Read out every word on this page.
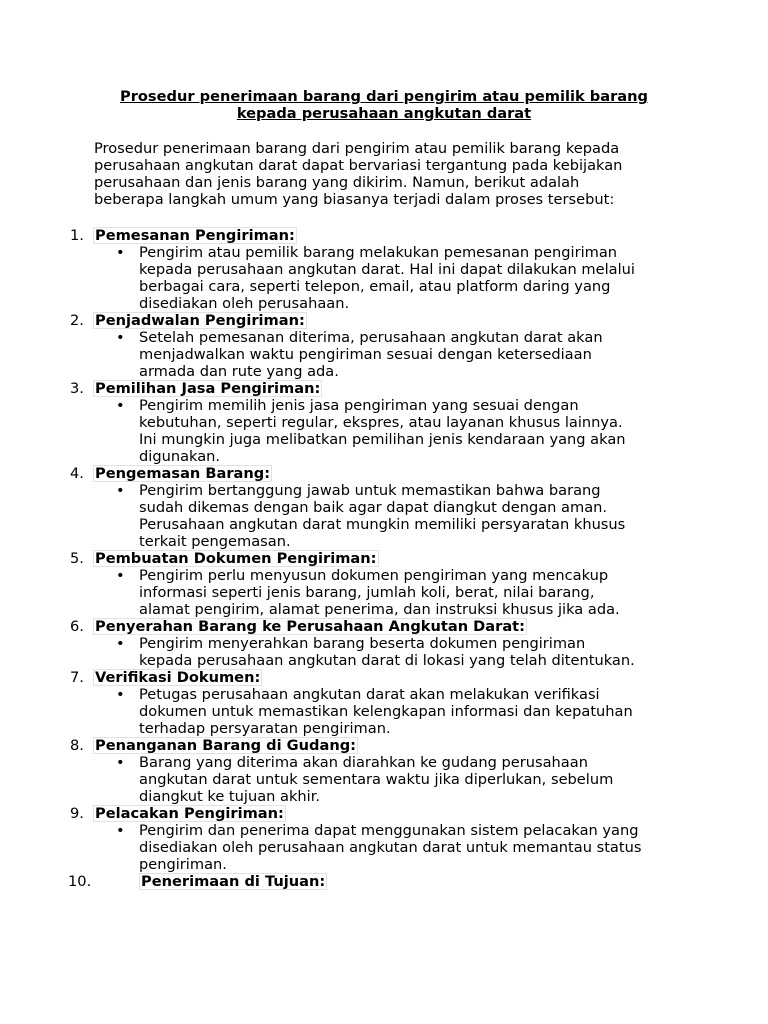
Prosedur penerimaan barang dari pengirim atau pemilik barang
kepada perusahaan angkutan darat
Prosedur penerimaan barang dari pengirim atau pemilik barang kepada
perusahaan angkutan darat dapat bervariasi tergantung pada kebijakan
perusahaan dan jenis barang yang dikirim. Namun, berikut adalah
beberapa langkah umum yang biasanya terjadi dalam proses tersebut:
1. Pemesanan Pengiriman:
• Pengirim atau pemilik barang melakukan pemesanan pengiriman
kepada perusahaan angkutan darat. Hal ini dapat dilakukan melalui
berbagai cara, seperti telepon, email, atau platform daring yang
disediakan oleh perusahaan.
2. Penjadwalan Pengiriman:
• Setelah pemesanan diterima, perusahaan angkutan darat akan
menjadwalkan waktu pengiriman sesuai dengan ketersediaan
armada dan rute yang ada.
3. Pemilihan Jasa Pengiriman:
• Pengirim memilih jenis jasa pengiriman yang sesuai dengan
kebutuhan, seperti regular, ekspres, atau layanan khusus lainnya.
Ini mungkin juga melibatkan pemilihan jenis kendaraan yang akan
digunakan.
4. Pengemasan Barang:
• Pengirim bertanggung jawab untuk memastikan bahwa barang
sudah dikemas dengan baik agar dapat diangkut dengan aman.
Perusahaan angkutan darat mungkin memiliki persyaratan khusus
terkait pengemasan.
5. Pembuatan Dokumen Pengiriman:
• Pengirim perlu menyusun dokumen pengiriman yang mencakup
informasi seperti jenis barang, jumlah koli, berat, nilai barang,
alamat pengirim, alamat penerima, dan instruksi khusus jika ada.
6. Penyerahan Barang ke Perusahaan Angkutan Darat:
• Pengirim menyerahkan barang beserta dokumen pengiriman
kepada perusahaan angkutan darat di lokasi yang telah ditentukan.
7. Verifikasi Dokumen:
• Petugas perusahaan angkutan darat akan melakukan verifikasi
dokumen untuk memastikan kelengkapan informasi dan kepatuhan
terhadap persyaratan pengiriman.
8. Penanganan Barang di Gudang:
• Barang yang diterima akan diarahkan ke gudang perusahaan
angkutan darat untuk sementara waktu jika diperlukan, sebelum
diangkut ke tujuan akhir.
9. Pelacakan Pengiriman:
• Pengirim dan penerima dapat menggunakan sistem pelacakan yang
disediakan oleh perusahaan angkutan darat untuk memantau status
pengiriman.
10.	Penerimaan di Tujuan:
